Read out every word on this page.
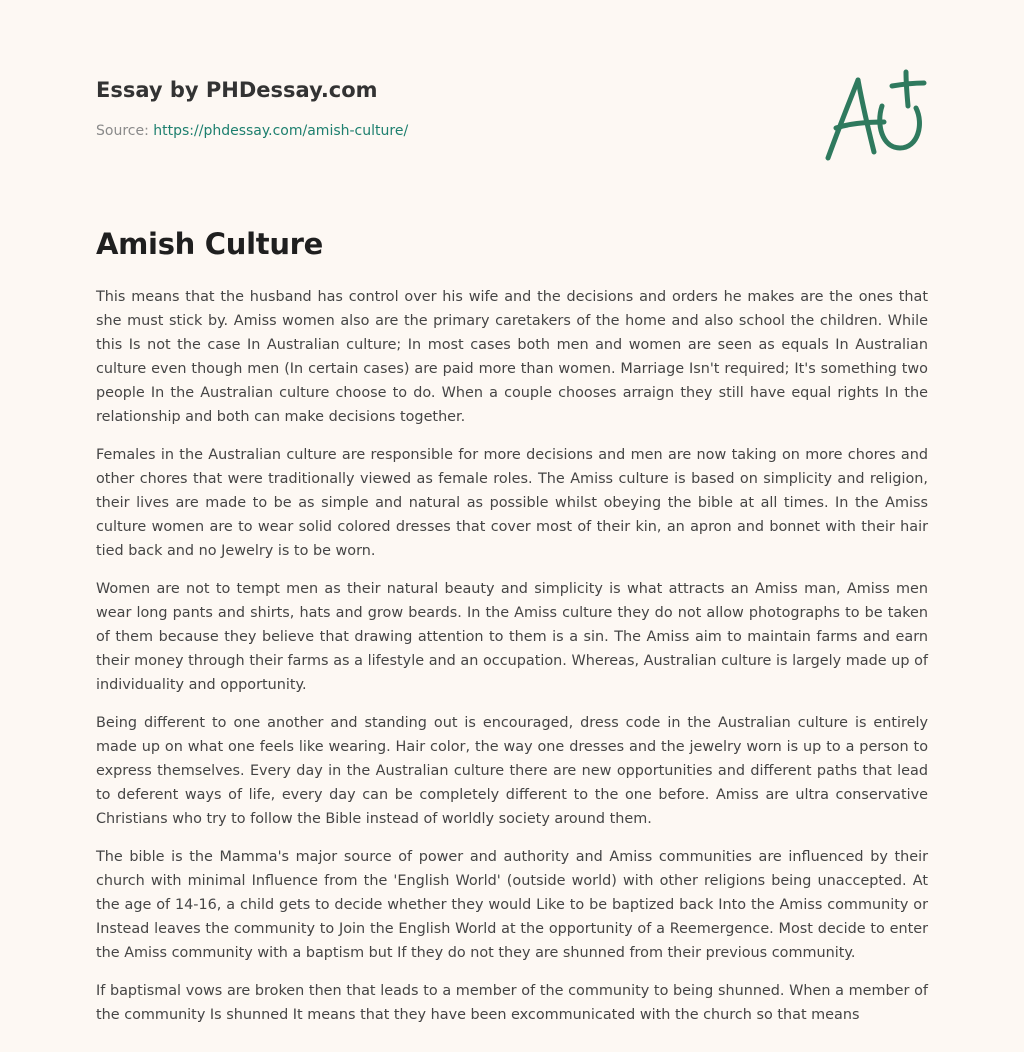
Essay by PHDessay.com
Source: https://phdessay.com/amish-culture/
Amish Culture

This means that the husband has control over his wife and the decisions and orders he makes are the ones that she must stick by. Amiss women also are the primary caretakers of the home and also school the children. While this Is not the case In Australian culture; In most cases both men and women are seen as equals In Australian culture even though men (In certain cases) are paid more than women. Marriage Isn't required; It's something two people In the Australian culture choose to do. When a couple chooses arraign they still have equal rights In the relationship and both can make decisions together.

Females in the Australian culture are responsible for more decisions and men are now taking on more chores and other chores that were traditionally viewed as female roles. The Amiss culture is based on simplicity and religion, their lives are made to be as simple and natural as possible whilst obeying the bible at all times. In the Amiss culture women are to wear solid colored dresses that cover most of their kin, an apron and bonnet with their hair tied back and no Jewelry is to be worn.

Women are not to tempt men as their natural beauty and simplicity is what attracts an Amiss man, Amiss men wear long pants and shirts, hats and grow beards. In the Amiss culture they do not allow photographs to be taken of them because they believe that drawing attention to them is a sin. The Amiss aim to maintain farms and earn their money through their farms as a lifestyle and an occupation. Whereas, Australian culture is largely made up of individuality and opportunity.

Being different to one another and standing out is encouraged, dress code in the Australian culture is entirely made up on what one feels like wearing. Hair color, the way one dresses and the jewelry worn is up to a person to express themselves. Every day in the Australian culture there are new opportunities and different paths that lead to deferent ways of life, every day can be completely different to the one before. Amiss are ultra conservative Christians who try to follow the Bible instead of worldly society around them.

The bible is the Mamma's major source of power and authority and Amiss communities are influenced by their church with minimal Influence from the 'English World' (outside world) with other religions being unaccepted. At the age of 14-16, a child gets to decide whether they would Like to be baptized back Into the Amiss community or Instead leaves the community to Join the English World at the opportunity of a Reemergence. Most decide to enter the Amiss community with a baptism but If they do not they are shunned from their previous community.

If baptismal vows are broken then that leads to a member of the community to being shunned. When a member of the community Is shunned It means that they have been excommunicated with the church so that means
